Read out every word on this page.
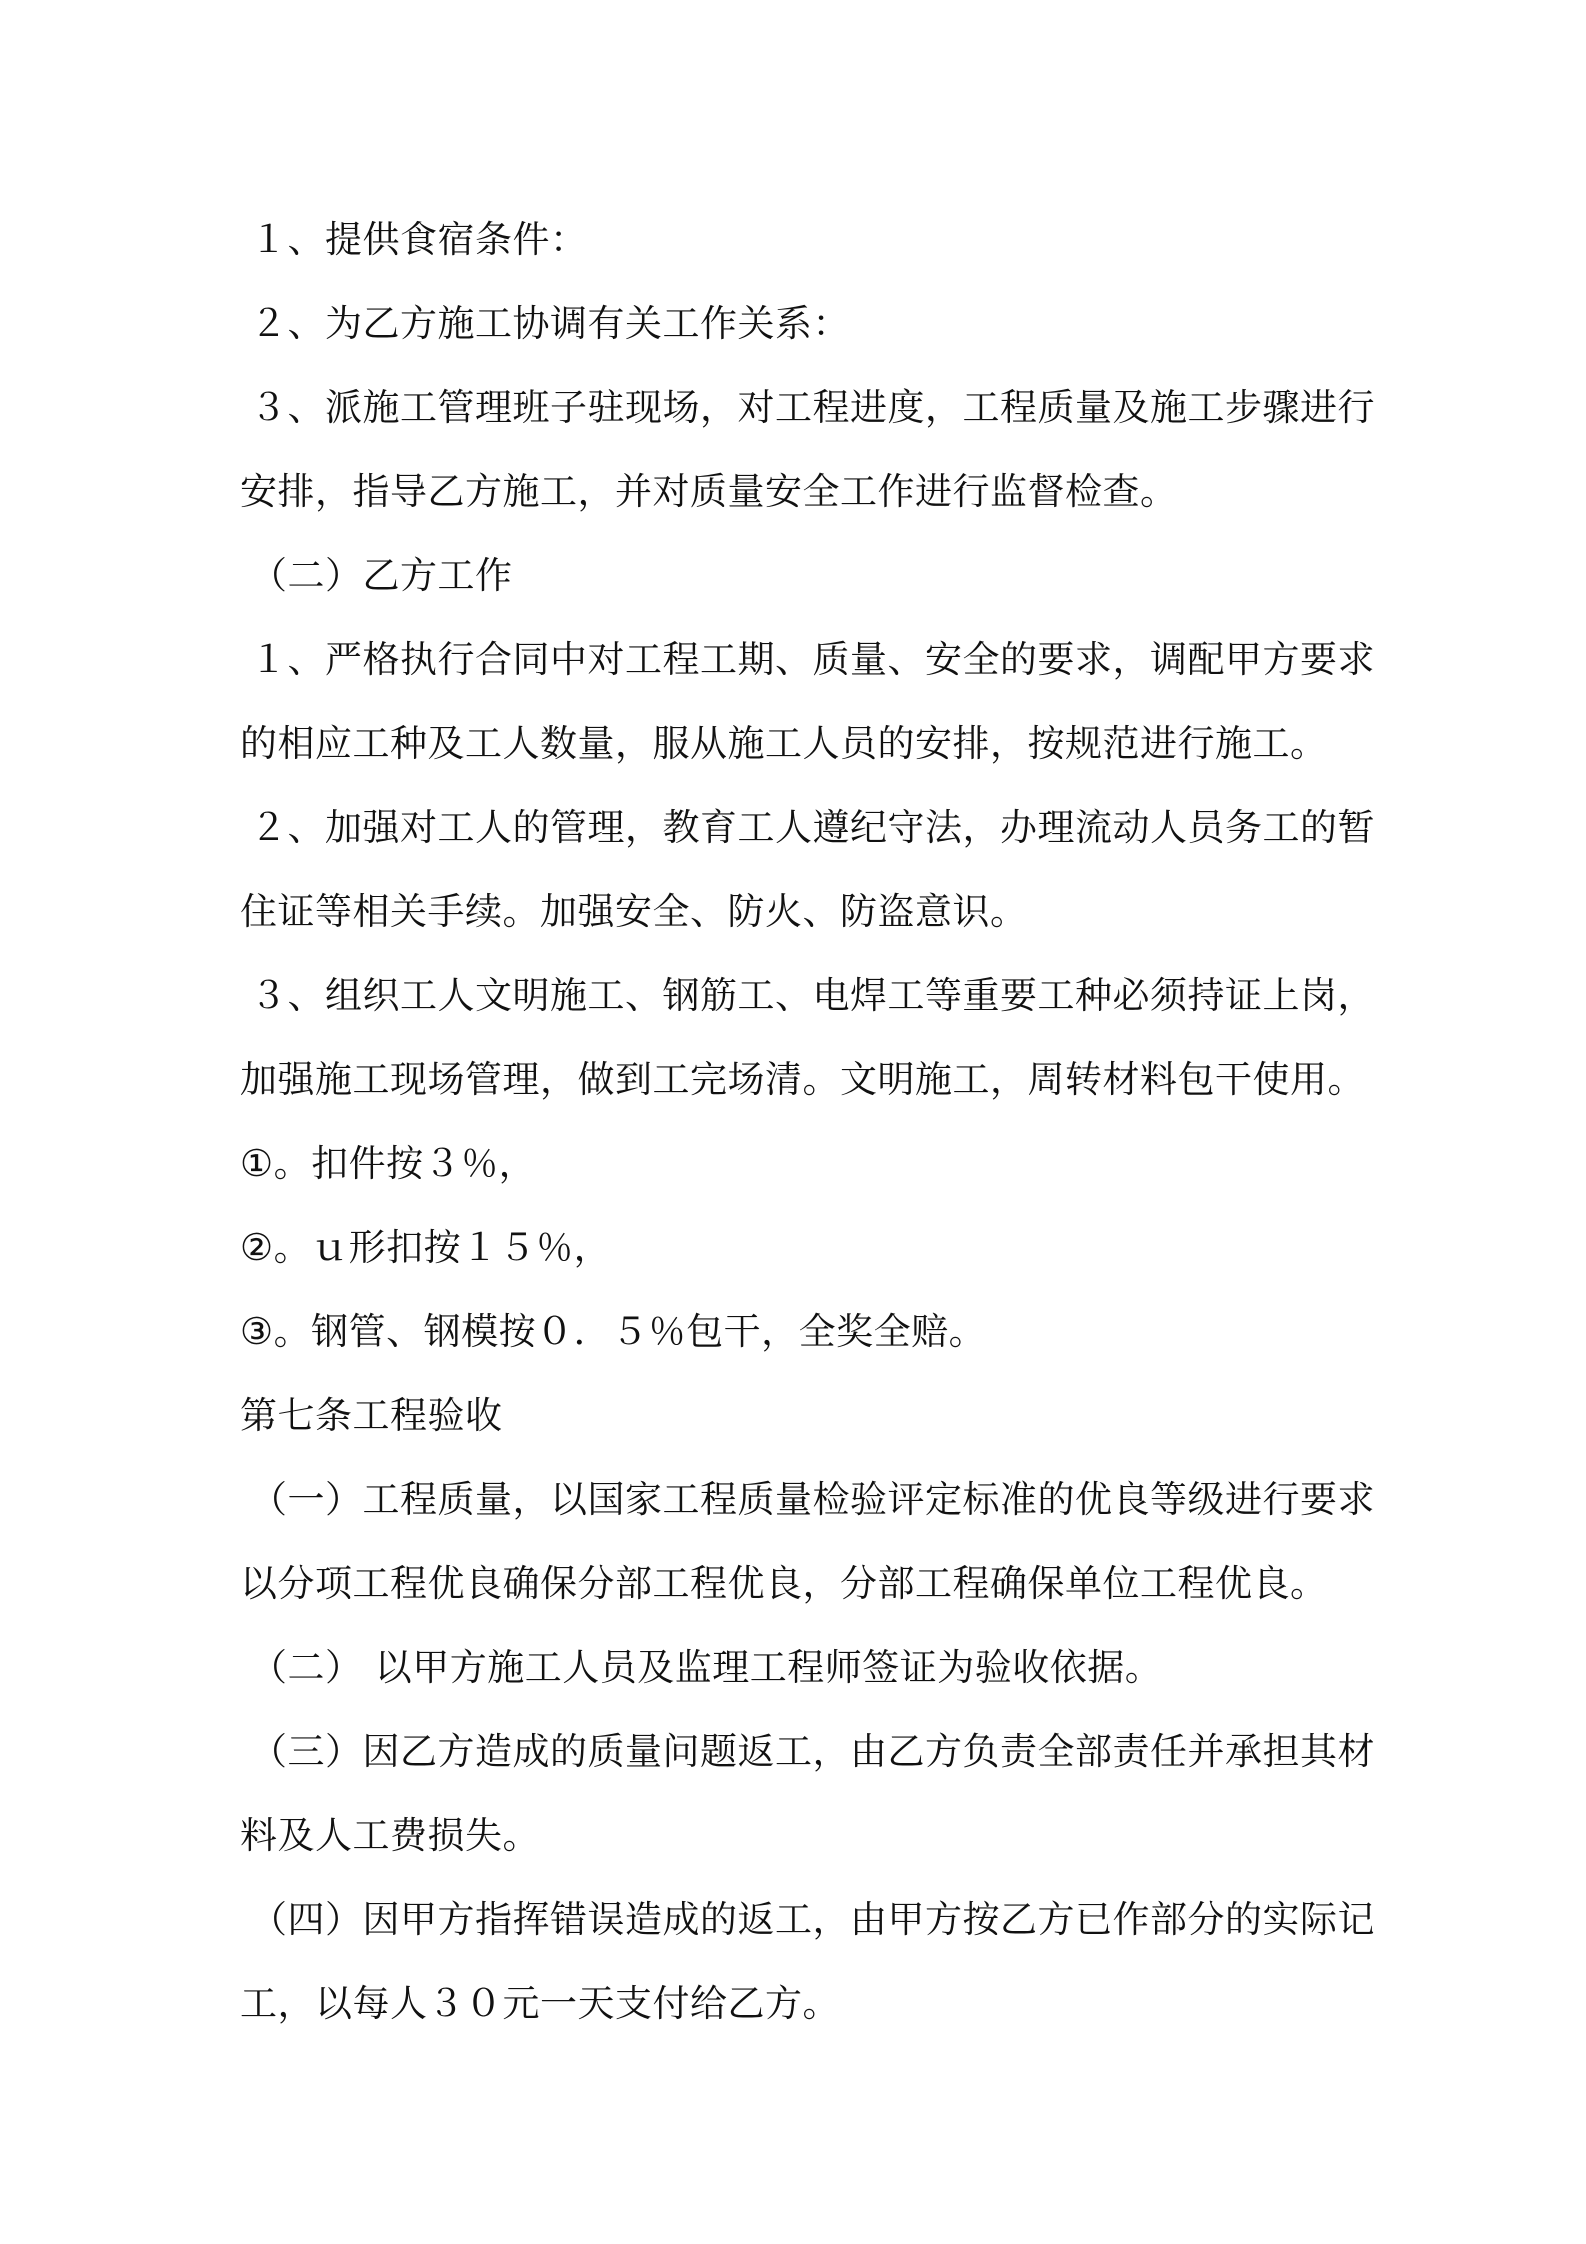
１、提供食宿条件：
２、为乙方施工协调有关工作关系：
３、派施工管理班子驻现场，对工程进度，工程质量及施工步骤进行
安排，指导乙方施工，并对质量安全工作进行监督检查。
（二）乙方工作
１、严格执行合同中对工程工期、质量、安全的要求，调配甲方要求
的相应工种及工人数量，服从施工人员的安排，按规范进行施工。
２、加强对工人的管理，教育工人遵纪守法，办理流动人员务工的暂
住证等相关手续。加强安全、防火、防盗意识。
３、组织工人文明施工、钢筋工、电焊工等重要工种必须持证上岗，
加强施工现场管理，做到工完场清。文明施工，周转材料包干使用。
①。扣件按３％，
②。ｕ形扣按１５％，
③。钢管、钢模按０．５％包干，全奖全赔。
第七条工程验收
（一）工程质量，以国家工程质量检验评定标准的优良等级进行要求
以分项工程优良确保分部工程优良，分部工程确保单位工程优良。
（二） 以甲方施工人员及监理工程师签证为验收依据。
（三）因乙方造成的质量问题返工，由乙方负责全部责任并承担其材
料及人工费损失。
（四）因甲方指挥错误造成的返工，由甲方按乙方已作部分的实际记
工，以每人３０元一天支付给乙方。
